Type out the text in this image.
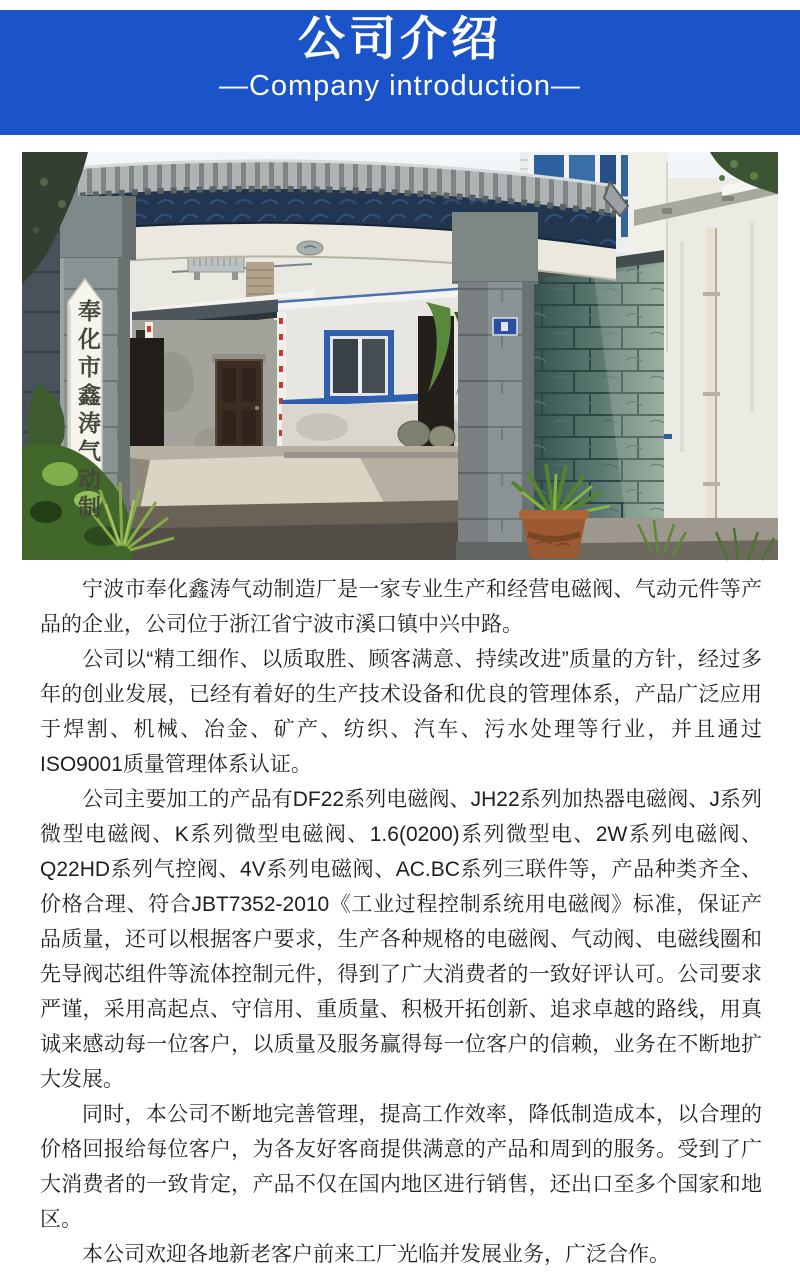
公司介绍
—Company introduction—
奉化市鑫涛气动制

宁波市奉化鑫涛气动制造厂是一家专业生产和经营电磁阀、气动元件等产品的企业，公司位于浙江省宁波市溪口镇中兴中路。

公司以“精工细作、以质取胜、顾客满意、持续改进”质量的方针，经过多年的创业发展，已经有着好的生产技术设备和优良的管理体系，产品广泛应用于焊割、机械、冶金、矿产、纺织、汽车、污水处理等行业，并且通过ISO9001质量管理体系认证。

公司主要加工的产品有DF22系列电磁阀、JH22系列加热器电磁阀、J系列微型电磁阀、K系列微型电磁阀、1.6(0200)系列微型电、2W系列电磁阀、Q22HD系列气控阀、4V系列电磁阀、AC.BC系列三联件等，产品种类齐全、价格合理、符合JBT7352-2010《工业过程控制系统用电磁阀》标准，保证产品质量，还可以根据客户要求，生产各种规格的电磁阀、气动阀、电磁线圈和先导阀芯组件等流体控制元件，得到了广大消费者的一致好评认可。公司要求严谨，采用高起点、守信用、重质量、积极开拓创新、追求卓越的路线，用真诚来感动每一位客户，以质量及服务赢得每一位客户的信赖，业务在不断地扩大发展。

同时，本公司不断地完善管理，提高工作效率，降低制造成本，以合理的价格回报给每位客户，为各友好客商提供满意的产品和周到的服务。受到了广大消费者的一致肯定，产品不仅在国内地区进行销售，还出口至多个国家和地区。

本公司欢迎各地新老客户前来工厂光临并发展业务，广泛合作。
